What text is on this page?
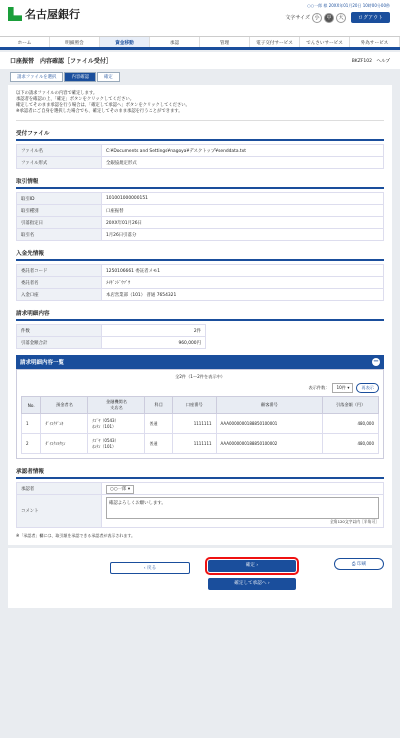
名古屋銀行
○○一郎 様 20XX年01月20日 10時00分00秒
文字サイズ 小	中	大	ログアウト
ホーム	明細照会	資金移動	承認	管理	電子交付サービス	でんさいサービス	外為サービス
口座振替　内容確認［ファイル受付］	BKZF102　 ヘルプ
請求ファイルを選択	内容確認	確定
以下の請求ファイルの内容で確定します。
承認者を確認の上、「確定」ボタンをクリックしてください。
確定してそのまま承認を行う場合は、「確定して承認へ」ボタンをクリックしてください。
※承認者にご自身を選択した場合でも、確定してそのまま承認を行うことができます。
受付ファイル
ファイル名	C:¥Documents and Settings¥nagoya¥デスクトップ¥senddata.txt
ファイル形式	全銀協規定形式
取引情報
取引ID	101001000000151
取引種別	口座振替
引落指定日	20XX年01月26日
取引名	1月26日引落分
入金先情報
委託者コード	1250106661 委託者メモ1
委託者名	ﾒｲｷﾞﾝﾄﾞｳｿﾞｳ
入金口座	本店営業部（101） 普通 7654321
請求明細内容
件数	2件
引落金額合計	960,000円
請求明細内容一覧	−
全2件（1～2件を表示中）
表示件数：	10件 ▾	再表示
No.	預金者名	金融機関名
支店名	科目	口座番号	顧客番号	引落金額（円）
1	ﾀﾞｲｺｸﾃﾞﾝｷ	ﾅｺﾞﾔ（0543）
ﾎﾝﾃﾝ（101）	普通	1111111	AAA0000000188850100001	480,000
2	ﾀﾞｲｺｸｼﾖｸﾋﾝ	ﾅｺﾞﾔ（0543）
ﾎﾝﾃﾝ（101）	普通	1111111	AAA0000000188850100002	480,000
承認者情報
承認者	○○一郎 ▾
コメント	確認よろしくお願いします。
全角120文字以内［半角可］
※「承認者」欄には、取引額を承認できる承認者が表示されます。
‹ 戻る
確定 ›
確定して承認へ ›
⎙ 印刷
